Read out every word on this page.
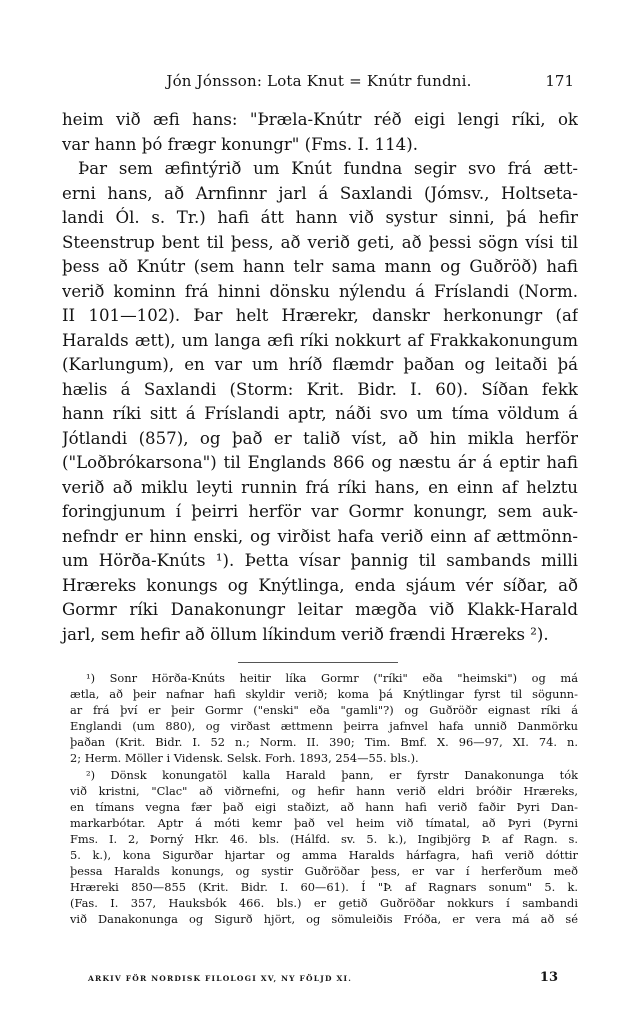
Jón Jónsson: Lota Knut = Knútr fundni.	171
heim við æfi hans: "Þræla-Knútr réð eigi lengi ríki, ok
var hann þó frægr konungr" (Fms. I. 114).
Þar sem æfintýrið um Knút fundna segir svo frá ætt-
erni hans, að Arnfinnr jarl á Saxlandi (Jómsv., Holtseta-
landi Ól. s. Tr.) hafi átt hann við systur sinni, þá hefir
Steenstrup bent til þess, að verið geti, að þessi sögn vísi til
þess að Knútr (sem hann telr sama mann og Guðröð) hafi
verið kominn frá hinni dönsku nýlendu á Fríslandi (Norm.
II 101—102). Þar helt Hrærekr, danskr herkonungr (af
Haralds ætt), um langa æfi ríki nokkurt af Frakkakonungum
(Karlungum), en var um hríð flæmdr þaðan og leitaði þá
hælis á Saxlandi (Storm: Krit. Bidr. I. 60). Síðan fekk
hann ríki sitt á Fríslandi aptr, náði svo um tíma völdum á
Jótlandi (857), og það er talið víst, að hin mikla herför
("Loðbrókarsona") til Englands 866 og næstu ár á eptir hafi
verið að miklu leyti runnin frá ríki hans, en einn af helztu
foringjunum í þeirri herför var Gormr konungr, sem auk-
nefndr er hinn enski, og virðist hafa verið einn af ættmönn-
um Hörða-Knúts ¹). Þetta vísar þannig til sambands milli
Hræreks konungs og Knýtlinga, enda sjáum vér síðar, að
Gormr ríki Danakonungr leitar mægða við Klakk-Harald
jarl, sem hefir að öllum líkindum verið frændi Hræreks ²).
¹) Sonr Hörða-Knúts heitir líka Gormr ("ríki" eða "heimski") og má
ætla, að þeir nafnar hafi skyldir verið; koma þá Knýtlingar fyrst til sögunn-
ar frá því er þeir Gormr ("enski" eða "gamli"?) og Guðröðr eignast ríki á
Englandi (um 880), og virðast ættmenn þeirra jafnvel hafa unnið Danmörku
þaðan (Krit. Bidr. I. 52 n.; Norm. II. 390; Tim. Bmf. X. 96—97, XI. 74. n.
2; Herm. Möller i Vidensk. Selsk. Forh. 1893, 254—55. bls.).
²) Dönsk konungatöl kalla Harald þann, er fyrstr Danakonunga tók
við kristni, "Clac" að viðrnefni, og hefir hann verið eldri bróðir Hræreks,
en tímans vegna fær það eigi staðizt, að hann hafi verið faðir Þyri Dan-
markarbótar. Aptr á móti kemr það vel heim við tímatal, að Þyri (Þyrni
Fms. I. 2, Þorný Hkr. 46. bls. (Hálfd. sv. 5. k.), Ingibjörg Þ. af Ragn. s.
5. k.), kona Sigurðar hjartar og amma Haralds hárfagra, hafi verið dóttir
þessa Haralds konungs, og systir Guðröðar þess, er var í herferðum með
Hræreki 850—855 (Krit. Bidr. I. 60—61). Í "Þ. af Ragnars sonum" 5. k.
(Fas. I. 357, Hauksbók 466. bls.) er getið Guðröðar nokkurs í sambandi
við Danakonunga og Sigurð hjört, og sömuleiðis Fróða, er vera má að sé
ARKIV FÖR NORDISK FILOLOGI XV, NY FÖLJD XI.	13
